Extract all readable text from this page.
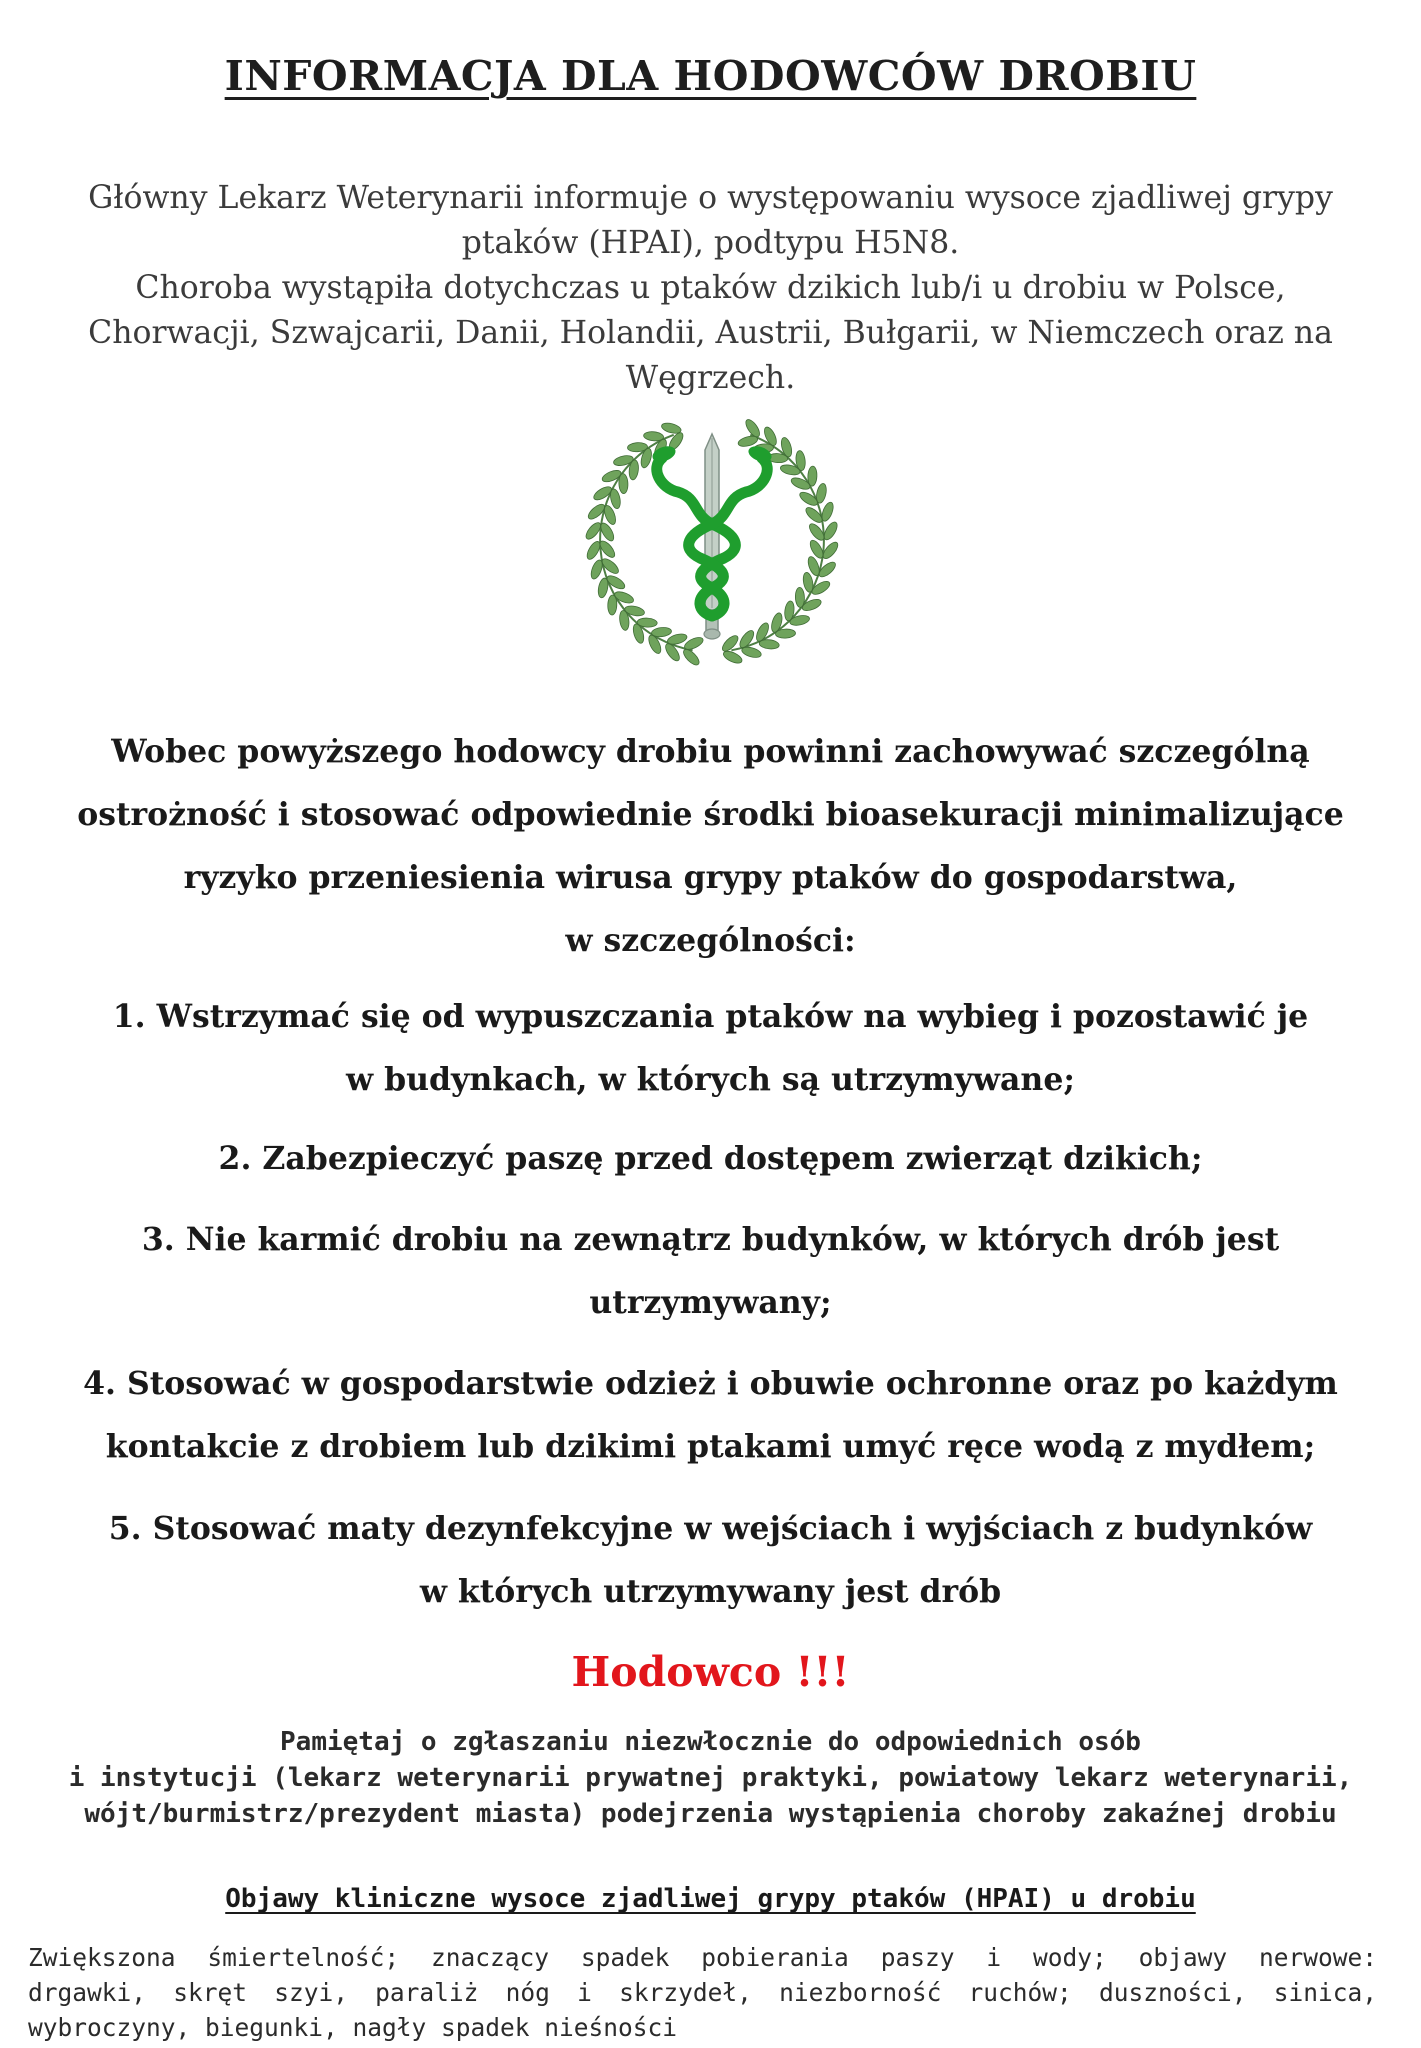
INFORMACJA DLA HODOWCÓW DROBIU
Główny Lekarz Weterynarii informuje o występowaniu wysoce zjadliwej grypy
ptaków (HPAI), podtypu H5N8.
Choroba wystąpiła dotychczas u ptaków dzikich lub/i u drobiu w Polsce,
Chorwacji, Szwajcarii, Danii, Holandii, Austrii, Bułgarii, w Niemczech oraz na
Węgrzech.
Wobec powyższego hodowcy drobiu powinni zachowywać szczególną
ostrożność i stosować odpowiednie środki bioasekuracji minimalizujące
ryzyko przeniesienia wirusa grypy ptaków do gospodarstwa,
w szczególności:
1. Wstrzymać się od wypuszczania ptaków na wybieg i pozostawić je
w budynkach, w których są utrzymywane;
2. Zabezpieczyć paszę przed dostępem zwierząt dzikich;
3. Nie karmić drobiu na zewnątrz budynków, w których drób jest
utrzymywany;
4. Stosować w gospodarstwie odzież i obuwie ochronne oraz po każdym
kontakcie z drobiem lub dzikimi ptakami umyć ręce wodą z mydłem;
5. Stosować maty dezynfekcyjne w wejściach i wyjściach z budynków
w których utrzymywany jest drób
Hodowco !!!
Pamiętaj o zgłaszaniu niezwłocznie do odpowiednich osób
i instytucji (lekarz weterynarii prywatnej praktyki, powiatowy lekarz weterynarii,
wójt/burmistrz/prezydent miasta) podejrzenia wystąpienia choroby zakaźnej drobiu
Objawy kliniczne wysoce zjadliwej grypy ptaków (HPAI) u drobiu
Zwiększona śmiertelność; znaczący spadek pobierania paszy i wody; objawy nerwowe:
drgawki, skręt szyi, paraliż nóg i skrzydeł, niezborność ruchów; duszności, sinica,
wybroczyny, biegunki, nagły spadek nieśności
